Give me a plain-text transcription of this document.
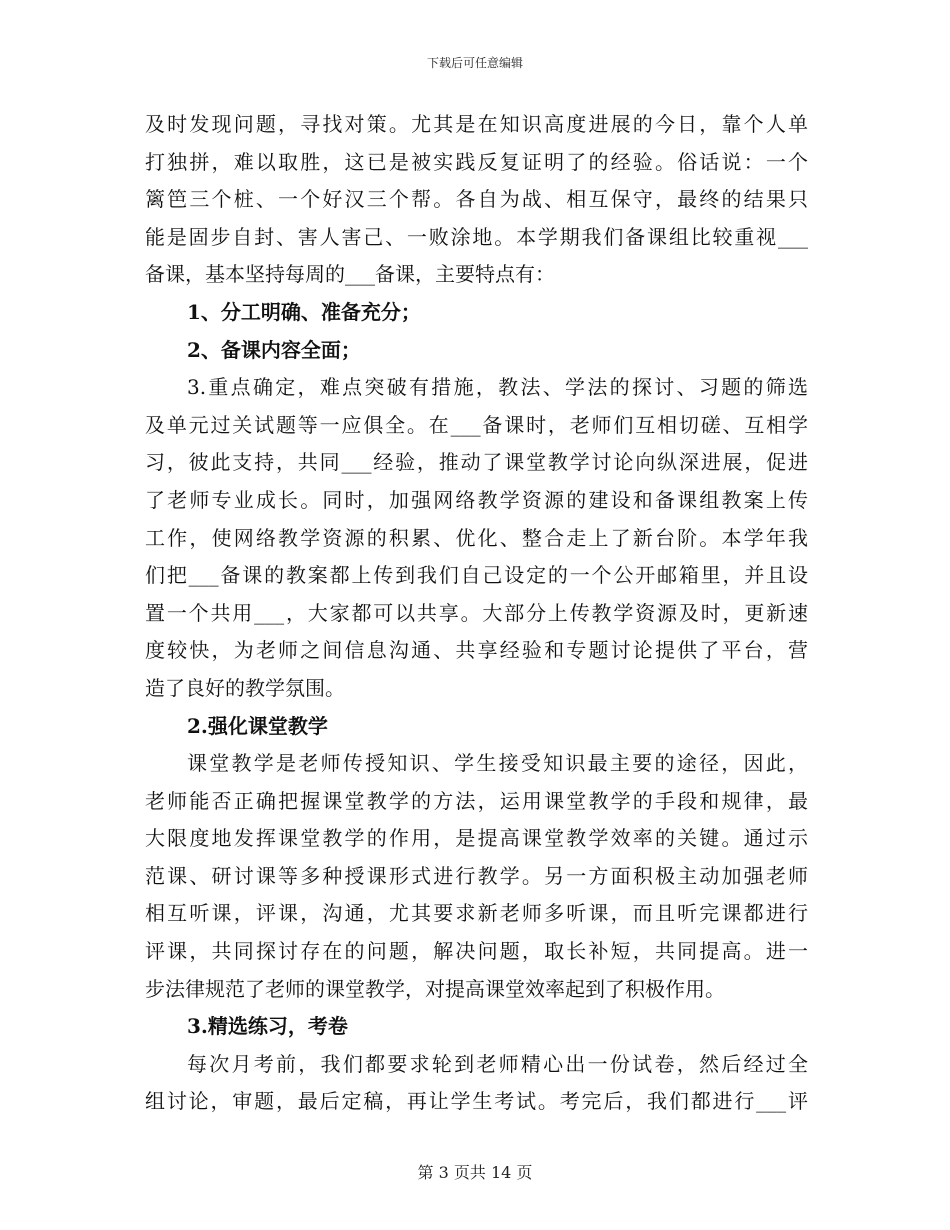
下载后可任意编辑
及时发现问题，寻找对策。尤其是在知识高度进展的今日，靠个人单
打独拼，难以取胜，这已是被实践反复证明了的经验。俗话说：一个
篱笆三个桩、一个好汉三个帮。各自为战、相互保守，最终的结果只
能是固步自封、害人害己、一败涂地。本学期我们备课组比较重视___
备课，基本坚持每周的___备课，主要特点有：
1、分工明确、准备充分；
2、备课内容全面；
3.重点确定，难点突破有措施，教法、学法的探讨、习题的筛选
及单元过关试题等一应俱全。在___备课时，老师们互相切磋、互相学
习，彼此支持，共同___经验，推动了课堂教学讨论向纵深进展，促进
了老师专业成长。同时，加强网络教学资源的建设和备课组教案上传
工作，使网络教学资源的积累、优化、整合走上了新台阶。本学年我
们把___备课的教案都上传到我们自己设定的一个公开邮箱里，并且设
置一个共用___，大家都可以共享。大部分上传教学资源及时，更新速
度较快，为老师之间信息沟通、共享经验和专题讨论提供了平台，营
造了良好的教学氛围。
2.强化课堂教学
课堂教学是老师传授知识、学生接受知识最主要的途径，因此，
老师能否正确把握课堂教学的方法，运用课堂教学的手段和规律，最
大限度地发挥课堂教学的作用，是提高课堂教学效率的关键。通过示
范课、研讨课等多种授课形式进行教学。另一方面积极主动加强老师
相互听课，评课，沟通，尤其要求新老师多听课，而且听完课都进行
评课，共同探讨存在的问题，解决问题，取长补短，共同提高。进一
步法律规范了老师的课堂教学，对提高课堂效率起到了积极作用。
3.精选练习，考卷
每次月考前，我们都要求轮到老师精心出一份试卷，然后经过全
组讨论，审题，最后定稿，再让学生考试。考完后，我们都进行___评
第 3 页共 14 页
